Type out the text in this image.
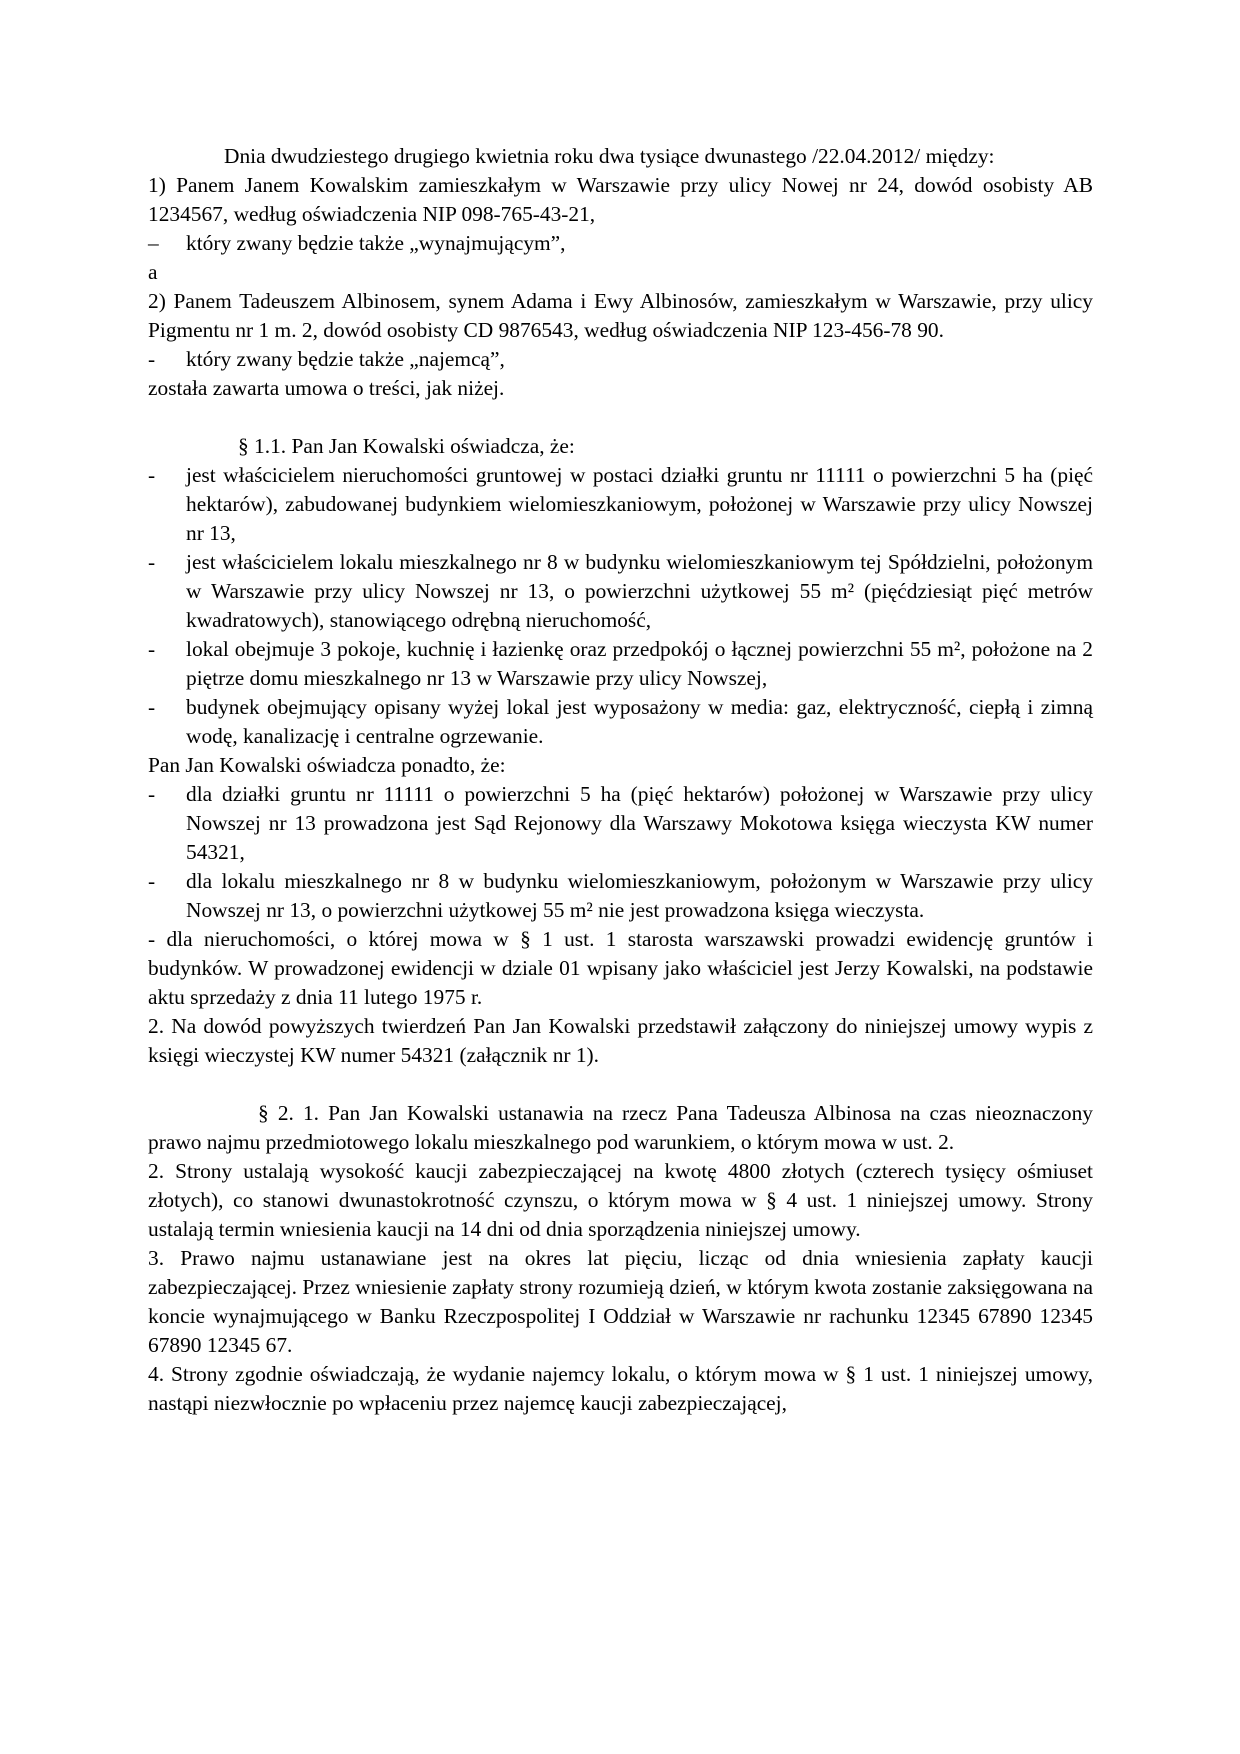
Dnia dwudziestego drugiego kwietnia roku dwa tysiące dwunastego /22.04.2012/ między:

1) Panem Janem Kowalskim zamieszkałym w Warszawie przy ulicy Nowej nr 24, dowód osobisty AB 1234567, według oświadczenia NIP 098-765-43-21,

–	który zwany będzie także „wynajmującym”,

a

2) Panem Tadeuszem Albinosem, synem Adama i Ewy Albinosów, zamieszkałym w Warszawie, przy ulicy Pigmentu nr 1 m. 2, dowód osobisty CD 9876543, według oświadczenia NIP 123-456-78 90.

-	który zwany będzie także „najemcą”,

została zawarta umowa o treści, jak niżej.

§ 1.1. Pan Jan Kowalski oświadcza, że:

-	jest właścicielem nieruchomości gruntowej w postaci działki gruntu nr 11111 o powierzchni 5 ha (pięć hektarów), zabudowanej budynkiem wielomieszkaniowym, położonej w Warszawie przy ulicy Nowszej nr 13,
-	jest właścicielem lokalu mieszkalnego nr 8 w budynku wielomieszkaniowym tej Spółdzielni, położonym w Warszawie przy ulicy Nowszej nr 13, o powierzchni użytkowej 55 m² (pięćdziesiąt pięć metrów kwadratowych), stanowiącego odrębną nieruchomość,
-	lokal obejmuje 3 pokoje, kuchnię i łazienkę oraz przedpokój o łącznej powierzchni 55 m², położone na 2 piętrze domu mieszkalnego nr 13 w Warszawie przy ulicy Nowszej,
-	budynek obejmujący opisany wyżej lokal jest wyposażony w media: gaz, elektryczność, ciepłą i zimną wodę, kanalizację i centralne ogrzewanie.

Pan Jan Kowalski oświadcza ponadto, że:

-	dla działki gruntu nr 11111 o powierzchni 5 ha (pięć hektarów) położonej w Warszawie przy ulicy Nowszej nr 13 prowadzona jest Sąd Rejonowy dla Warszawy Mokotowa księga wieczysta KW numer 54321,
-	dla lokalu mieszkalnego nr 8 w budynku wielomieszkaniowym, położonym w Warszawie przy ulicy Nowszej nr 13, o powierzchni użytkowej 55 m² nie jest prowadzona księga wieczysta.

- dla nieruchomości, o której mowa w § 1 ust. 1 starosta warszawski prowadzi ewidencję gruntów i budynków. W prowadzonej ewidencji w dziale 01 wpisany jako właściciel jest Jerzy Kowalski, na podstawie aktu sprzedaży z dnia 11 lutego 1975 r.

2. Na dowód powyższych twierdzeń Pan Jan Kowalski przedstawił załączony do niniejszej umowy wypis z księgi wieczystej KW numer 54321 (załącznik nr 1).

§ 2. 1. Pan Jan Kowalski ustanawia na rzecz Pana Tadeusza Albinosa na czas nieoznaczony prawo najmu przedmiotowego lokalu mieszkalnego pod warunkiem, o którym mowa w ust. 2.

2. Strony ustalają wysokość kaucji zabezpieczającej na kwotę 4800 złotych (czterech tysięcy ośmiuset złotych), co stanowi dwunastokrotność czynszu, o którym mowa w § 4 ust. 1 niniejszej umowy. Strony ustalają termin wniesienia kaucji na 14 dni od dnia sporządzenia niniejszej umowy.

3. Prawo najmu ustanawiane jest na okres lat pięciu, licząc od dnia wniesienia zapłaty kaucji zabezpieczającej. Przez wniesienie zapłaty strony rozumieją dzień, w którym kwota zostanie zaksięgowana na koncie wynajmującego w Banku Rzeczpospolitej I Oddział w Warszawie nr rachunku 12345 67890 12345 67890 12345 67.

4. Strony zgodnie oświadczają, że wydanie najemcy lokalu, o którym mowa w § 1 ust. 1 niniejszej umowy, nastąpi niezwłocznie po wpłaceniu przez najemcę kaucji zabezpieczającej,
